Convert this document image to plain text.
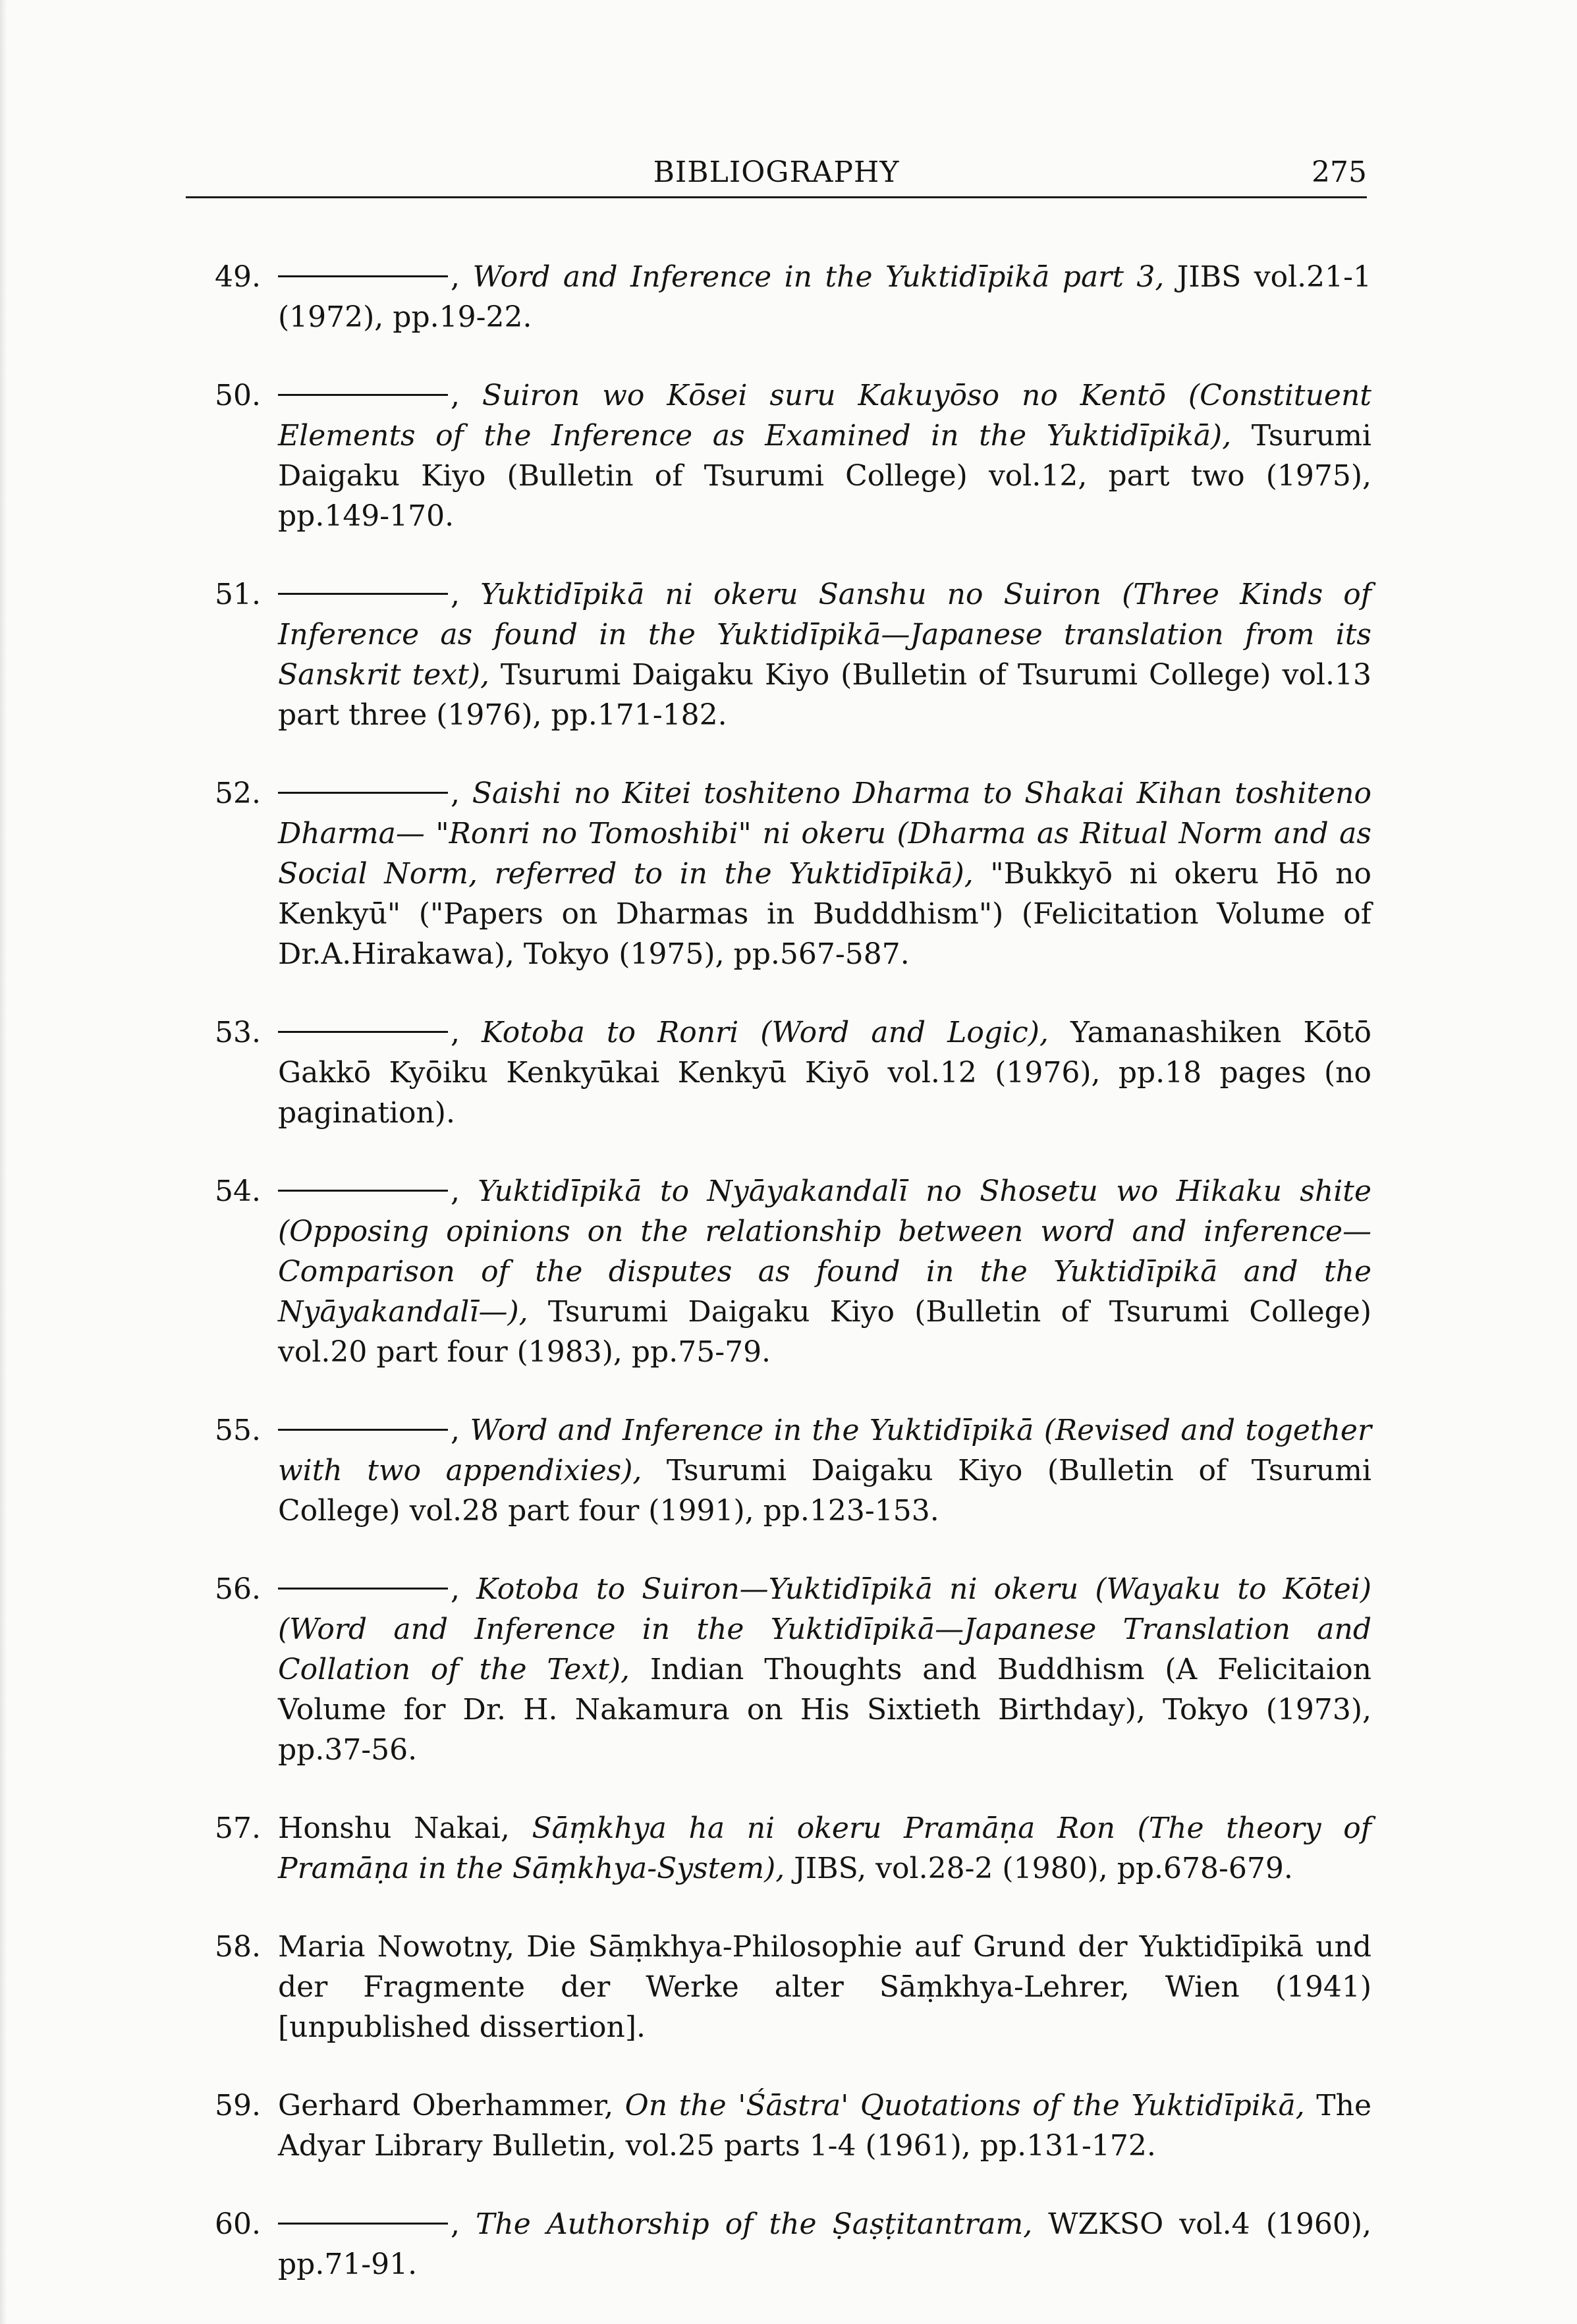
BIBLIOGRAPHY	275
49.	, Word and Inference in the Yuktidīpikā part 3, JIBS vol.21-1 (1972), pp.19-22.
50.	, Suiron wo Kōsei suru Kakuyōso no Kentō (Constituent Elements of the Inference as Examined in the Yuktidīpikā), Tsurumi Daigaku Kiyo (Bulletin of Tsurumi College) vol.12, part two (1975), pp.149-170.
51.	, Yuktidīpikā ni okeru Sanshu no Suiron (Three Kinds of Inference as found in the Yuktidīpikā—Japanese translation from its Sanskrit text), Tsurumi Daigaku Kiyo (Bulletin of Tsurumi College) vol.13 part three (1976), pp.171-182.
52.	, Saishi no Kitei toshiteno Dharma to Shakai Kihan toshiteno Dharma— "Ronri no Tomoshibi" ni okeru (Dharma as Ritual Norm and as Social Norm, referred to in the Yuktidīpikā), "Bukkyō ni okeru Hō no Kenkyū" ("Papers on Dharmas in Budddhism") (Felicitation Volume of Dr.A.Hirakawa), Tokyo (1975), pp.567-587.
53.	, Kotoba to Ronri (Word and Logic), Yamanashiken Kōtō Gakkō Kyōiku Kenkyūkai Kenkyū Kiyō vol.12 (1976), pp.18 pages (no pagination).
54.	, Yuktidīpikā to Nyāyakandalī no Shosetu wo Hikaku shite (Opposing opinions on the relationship between word and inference—Comparison of the disputes as found in the Yuktidīpikā and the Nyāyakandalī—), Tsurumi Daigaku Kiyo (Bulletin of Tsurumi College) vol.20 part four (1983), pp.75-79.
55.	, Word and Inference in the Yuktidīpikā (Revised and together with two appendixies), Tsurumi Daigaku Kiyo (Bulletin of Tsurumi College) vol.28 part four (1991), pp.123-153.
56.	, Kotoba to Suiron—Yuktidīpikā ni okeru (Wayaku to Kōtei) (Word and Inference in the Yuktidīpikā—Japanese Translation and Collation of the Text), Indian Thoughts and Buddhism (A Felicitaion Volume for Dr. H. Nakamura on His Sixtieth Birthday), Tokyo (1973), pp.37-56.
57. Honshu Nakai, Sāṃkhya ha ni okeru Pramāṇa Ron (The theory of Pramāṇa in the Sāṃkhya-System), JIBS, vol.28-2 (1980), pp.678-679.
58. Maria Nowotny, Die Sāṃkhya-Philosophie auf Grund der Yuktidīpikā und der Fragmente der Werke alter Sāṃkhya-Lehrer, Wien (1941) [unpublished dissertion].
59. Gerhard Oberhammer, On the 'Śāstra' Quotations of the Yuktidīpikā, The Adyar Library Bulletin, vol.25 parts 1-4 (1961), pp.131-172.
60.	, The Authorship of the Ṣaṣṭitantram, WZKSO vol.4 (1960), pp.71-91.
